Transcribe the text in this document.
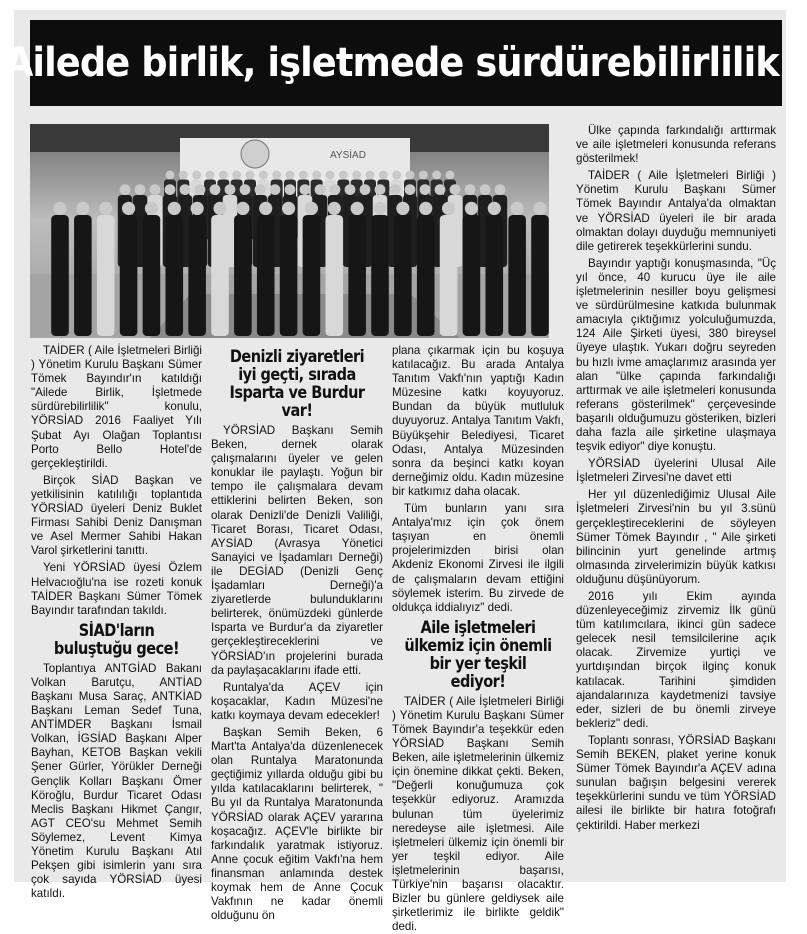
Ailede birlik, işletmede sürdürebilirlilik !
AYSİAD

TAİDER ( Aile İşletmeleri Birliği ) Yönetim Kurulu Başkanı Sümer Tömek Bayındır'ın katıldığı "Ailede Birlik, İşletmede sürdürebilirlilik" konulu, YÖRSİAD 2016 Faaliyet Yılı Şubat Ayı Olağan Toplantısı Porto Bello Hotel'de gerçekleştirildi.

Birçok SİAD Başkan ve yetkilisinin katılılığı toplantıda YÖRSİAD üyeleri Deniz Buklet Firması Sahibi Deniz Danışman ve Asel Mermer Sahibi Hakan Varol şirketlerini tanıttı.

Yeni YÖRSİAD üyesi Özlem Helvacıoğlu'na ise rozeti konuk TAİDER Başkanı Sümer Tömek Bayındır tarafından takıldı.

SİAD'ların buluştuğu gece!

Toplantıya ANTGİAD Bakanı Volkan Barutçu, ANTİAD Başkanı Musa Saraç, ANTKİAD Başkanı Leman Sedef Tuna, ANTİMDER Başkanı İsmail Volkan, İGSİAD Başkanı Alper Bayhan, KETOB Başkan vekili Şener Gürler, Yörükler Derneği Gençlik Kolları Başkanı Ömer Köroğlu, Burdur Ticaret Odası Meclis Başkanı Hikmet Çangır, AGT CEO'su Mehmet Semih Söylemez, Levent Kimya Yönetim Kurulu Başkanı Atıl Pekşen gibi isimlerin yanı sıra çok sayıda YÖRSİAD üyesi katıldı.

Denizli ziyaretleri iyi geçti, sırada Isparta ve Burdur var!

YÖRSİAD Başkanı Semih Beken, dernek olarak çalışmalarını üyeler ve gelen konuklar ile paylaştı. Yoğun bir tempo ile çalışmalara devam ettiklerini belirten Beken, son olarak Denizli'de Denizli Valiliği, Ticaret Borası, Ticaret Odası, AYSİAD (Avrasya Yönetici Sanayici ve İşadamları Derneği) ile DEGİAD (Denizli Genç İşadamları Derneği)'a ziyaretlerde bulunduklarını belirterek, önümüzdeki günlerde Isparta ve Burdur'a da ziyaretler gerçekleştireceklerini ve YÖRSİAD'ın projelerini burada da paylaşacaklarını ifade etti.

Runtalya'da AÇEV için koşacaklar, Kadın Müzesi'ne katkı koymaya devam edecekler!

Başkan Semih Beken, 6 Mart'ta Antalya'da düzenlenecek olan Runtalya Maratonunda geçtiğimiz yıllarda olduğu gibi bu yılda katılacaklarını belirterek, " Bu yıl da Runtalya Maratonunda YÖRSİAD olarak AÇEV yararına koşacağız. AÇEV'le birlikte bir farkındalık yaratmak istiyoruz. Anne çocuk eğitim Vakfı'na hem finansman anlamında destek koymak hem de Anne Çocuk Vakfının ne kadar önemli olduğunu ön

plana çıkarmak için bu koşuya katılacağız. Bu arada Antalya Tanıtım Vakfı'nın yaptığı Kadın Müzesine katkı koyuyoruz. Bundan da büyük mutluluk duyuyoruz. Antalya Tanıtım Vakfı, Büyükşehir Belediyesi, Ticaret Odası, Antalya Müzesinden sonra da beşinci katkı koyan derneğimiz oldu. Kadın müzesine bir katkımız daha olacak.

Tüm bunların yanı sıra Antalya'mız için çok önem taşıyan en önemli projelerimizden birisi olan Akdeniz Ekonomi Zirvesi ile ilgili de çalışmaların devam ettiğini söylemek isterim. Bu zirvede de oldukça iddialıyız" dedi.

Aile işletmeleri ülkemiz için önemli bir yer teşkil ediyor!

TAİDER ( Aile İşletmeleri Birliği ) Yönetim Kurulu Başkanı Sümer Tömek Bayındır'a teşekkür eden YÖRSİAD Başkanı Semih Beken, aile işletmelerinin ülkemiz için önemine dikkat çekti. Beken, "Değerli konuğumuza çok teşekkür ediyoruz. Aramızda bulunan tüm üyelerimiz neredeyse aile işletmesi. Aile işletmeleri ülkemiz için önemli bir yer teşkil ediyor. Aile işletmelerinin başarısı, Türkiye'nin başarısı olacaktır. Bizler bu günlere geldiysek aile şirketlerimiz ile birlikte geldik" dedi.

Ülke çapında farkındalığı arttırmak ve aile işletmeleri konusunda referans gösterilmek!

TAİDER ( Aile İşletmeleri Birliği ) Yönetim Kurulu Başkanı Sümer Tömek Bayındır Antalya'da olmaktan ve YÖRSİAD üyeleri ile bir arada olmaktan dolayı duyduğu memnuniyeti dile getirerek teşekkürlerini sundu.

Bayındır yaptığı konuşmasında, "Üç yıl önce, 40 kurucu üye ile aile işletmelerinin nesiller boyu gelişmesi ve sürdürülmesine katkıda bulunmak amacıyla çıktığımız yolculuğumuzda, 124 Aile Şirketi üyesi, 380 bireysel üyeye ulaştık. Yukarı doğru seyreden bu hızlı ivme amaçlarımız arasında yer alan "ülke çapında farkındalığı arttırmak ve aile işletmeleri konusunda referans gösterilmek" çerçevesinde başarılı olduğumuzu gösteriken, bizleri daha fazla aile şirketine ulaşmaya teşvik ediyor" diye konuştu.

YÖRSİAD üyelerini Ulusal Aile İşletmeleri Zirvesi'ne davet etti

Her yıl düzenlediğimiz Ulusal Aile İşletmeleri Zirvesi'nin bu yıl 3.sünü gerçekleştireceklerini de söyleyen Sümer Tömek Bayındır , " Aile şirketi bilincinin yurt genelinde artmış olmasında zirvelerimizin büyük katkısı olduğunu düşünüyorum.

2016 yılı Ekim ayında düzenleyeceğimiz zirvemiz İlk günü tüm katılımcılara, ikinci gün sadece gelecek nesil temsilcilerine açık olacak. Zirvemize yurtiçi ve yurtdışından birçok ilginç konuk katılacak. Tarihini şimdiden ajandalarınıza kaydetmenizi tavsiye eder, sizleri de bu önemli zirveye bekleriz" dedi.

Toplantı sonrası, YÖRSİAD Başkanı Semih BEKEN, plaket yerine konuk Sümer Tömek Bayındır'a AÇEV adına sunulan bağışın belgesini vererek teşekkürlerini sundu ve tüm YÖRSİAD ailesi ile birlikte bir hatıra fotoğrafı çektirildi. Haber merkezi
